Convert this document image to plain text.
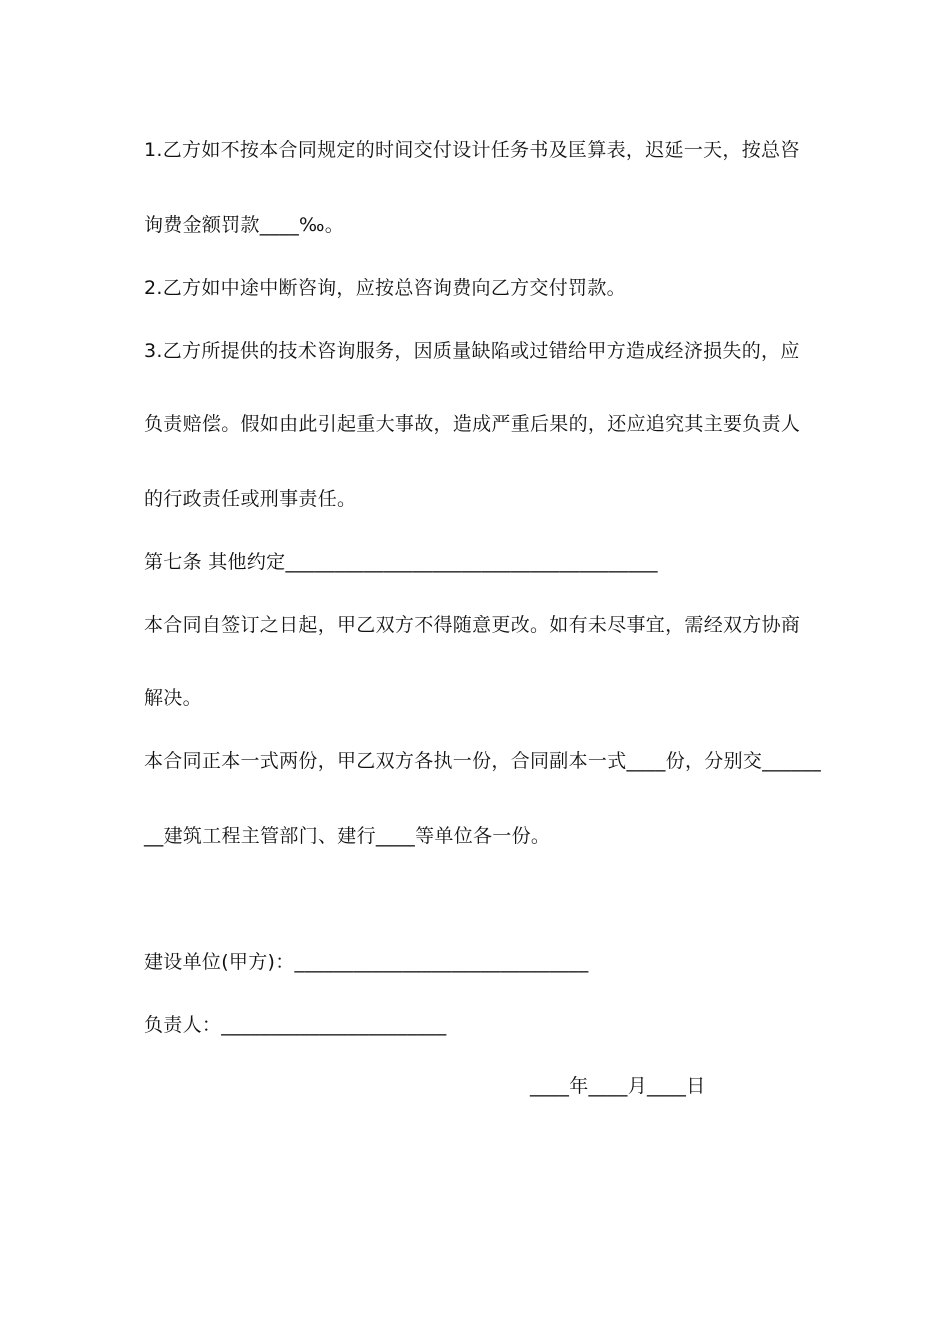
1.乙方如不按本合同规定的时间交付设计任务书及匡算表，迟延一天，按总咨
询费金额罚款____‰。
2.乙方如中途中断咨询，应按总咨询费向乙方交付罚款。
3.乙方所提供的技术咨询服务，因质量缺陷或过错给甲方造成经济损失的，应
负责赔偿。假如由此引起重大事故，造成严重后果的，还应追究其主要负责人
的行政责任或刑事责任。
第七条 其他约定______________________________________
本合同自签订之日起，甲乙双方不得随意更改。如有未尽事宜，需经双方协商
解决。
本合同正本一式两份，甲乙双方各执一份，合同副本一式____份，分别交______
__建筑工程主管部门、建行____等单位各一份。
建设单位(甲方)：______________________________
负责人：_______________________
____年____月____日
